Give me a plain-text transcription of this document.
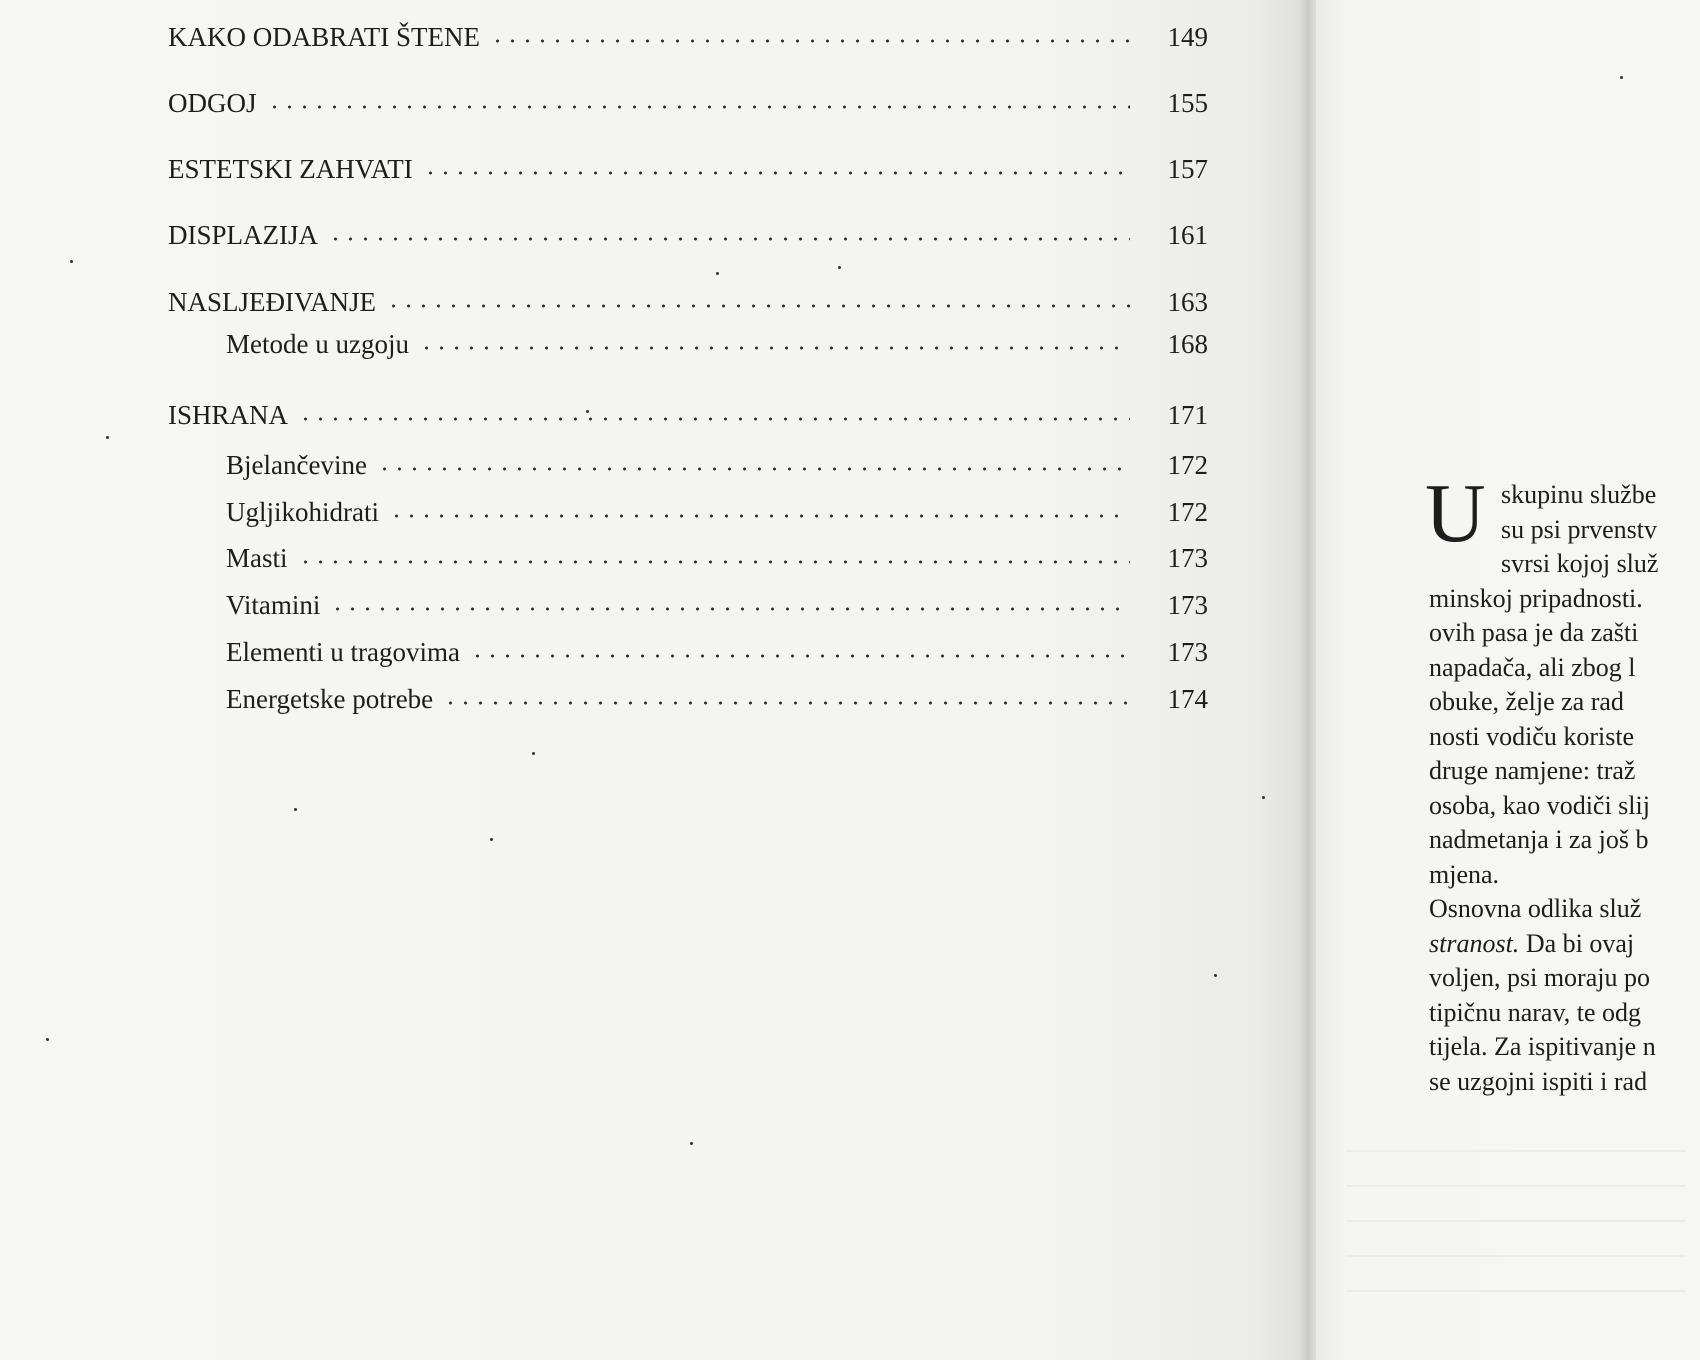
KAKO ODABRATI ŠTENE	149
ODGOJ	155
ESTETSKI ZAHVATI	157
DISPLAZIJA	161
NASLJEĐIVANJE	163
Metode u uzgoju	168
ISHRANA	171
Bjelančevine	172
Ugljikohidrati	172
Masti	173
Vitamini	173
Elementi u tragovima	173
Energetske potrebe	174
U skupinu službe
su psi prvenstv
svrsi kojoj služ
minskoj pripadnosti.
ovih pasa je da zašti
napadača, ali zbog l
obuke, želje za rad
nosti vodiču koriste
druge namjene: traž
osoba, kao vodiči slij
nadmetanja i za još b
mjena.
Osnovna odlika služ
stranost. Da bi ovaj
voljen, psi moraju po
tipičnu narav, te odg
tijela. Za ispitivanje n
se uzgojni ispiti i rad
